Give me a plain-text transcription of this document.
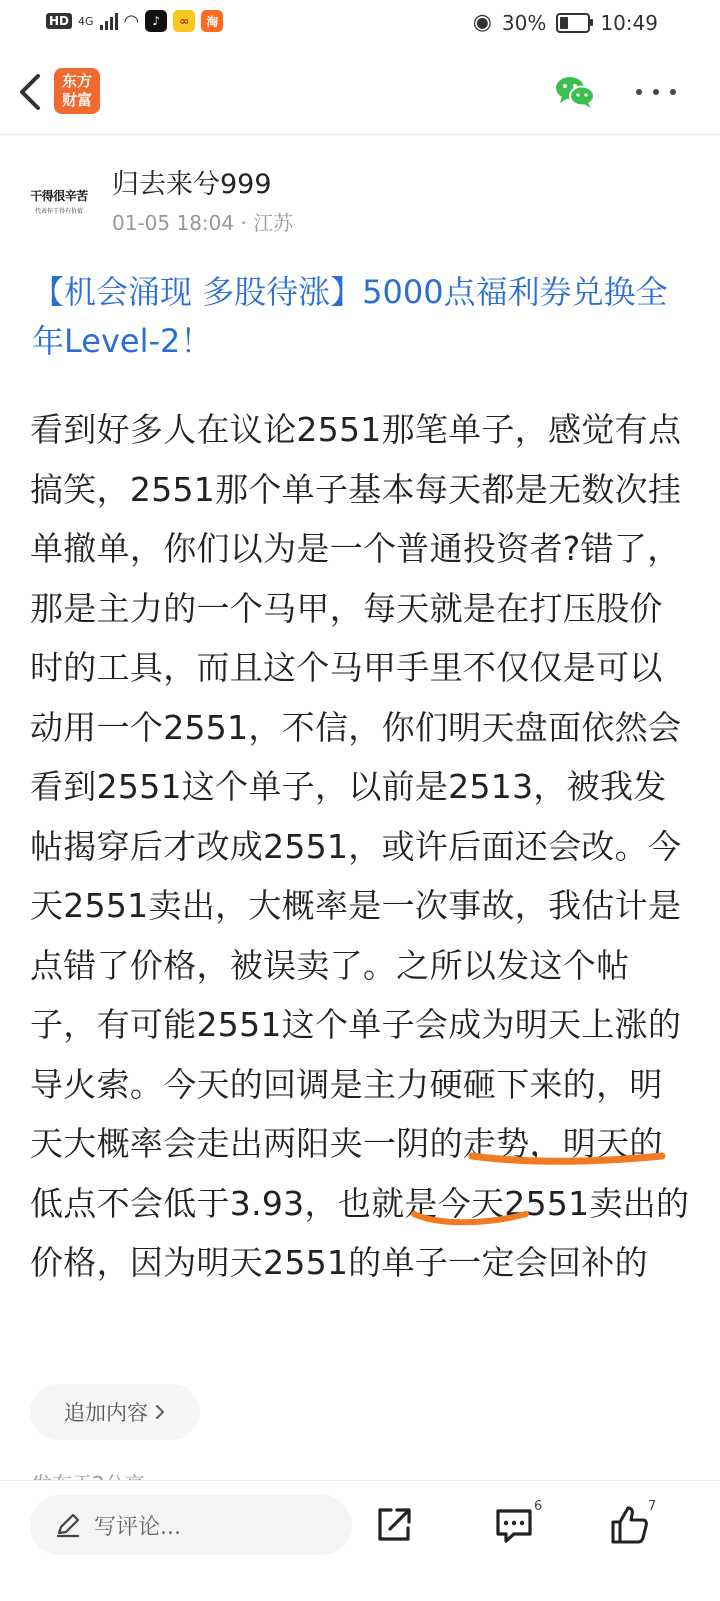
HD 4G ◠	♪	∞	淘	◉ 30%	10:49
东方
财富
干得很辛苦
代表你干得有价值
归去来兮999
01-05 18:04 · 江苏
【机会涌现 多股待涨】5000点福利券兑换全年Level-2！

看到好多人在议论2551那笔单子，感觉有点搞笑，2551那个单子基本每天都是无数次挂单撤单，你们以为是一个普通投资者?错了，那是主力的一个马甲，每天就是在打压股价时的工具，而且这个马甲手里不仅仅是可以动用一个2551，不信，你们明天盘面依然会看到2551这个单子，以前是2513，被我发帖揭穿后才改成2551，或许后面还会改。今天2551卖出，大概率是一次事故，我估计是点错了价格，被误卖了。之所以发这个帖子，有可能2551这个单子会成为明天上涨的导火索。今天的回调是主力硬砸下来的，明天大概率会走出两阳夹一阴的走势，明天的低点不会低于3.93，也就是今天2551卖出的价格，因为明天2551的单子一定会回补的

追加内容
写评论...
6	7
